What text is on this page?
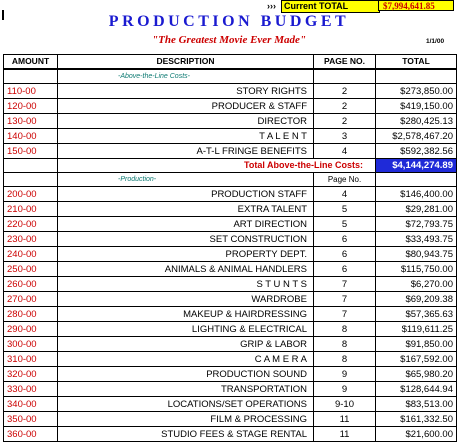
››› Current TOTAL	$7,994,641.85
PRODUCTION BUDGET
"The Greatest Movie Ever Made"	1/1/00
AMOUNT	DESCRIPTION	PAGE NO.	TOTAL
	-Above-the-Line Costs-		
110-00	STORY RIGHTS	2	$273,850.00
120-00	PRODUCER & STAFF	2	$419,150.00
130-00	DIRECTOR	2	$280,425.13
140-00	T A L E N T	3	$2,578,467.20
150-00	A-T-L FRINGE BENEFITS	4	$592,382.56
	Total Above-the-Line Costs:		$4,144,274.89
	-Production-	Page No.	
200-00	PRODUCTION STAFF	4	$146,400.00
210-00	EXTRA TALENT	5	$29,281.00
220-00	ART DIRECTION	5	$72,793.75
230-00	SET CONSTRUCTION	6	$33,493.75
240-00	PROPERTY DEPT.	6	$80,943.75
250-00	ANIMALS & ANIMAL HANDLERS	6	$115,750.00
260-00	S T U N T S	7	$6,270.00
270-00	WARDROBE	7	$69,209.38
280-00	MAKEUP & HAIRDRESSING	7	$57,365.63
290-00	LIGHTING & ELECTRICAL	8	$119,611.25
300-00	GRIP & LABOR	8	$91,850.00
310-00	C A M E R A	8	$167,592.00
320-00	PRODUCTION SOUND	9	$65,980.20
330-00	TRANSPORTATION	9	$128,644.94
340-00	LOCATIONS/SET OPERATIONS	9-10	$83,513.00
350-00	FILM & PROCESSING	11	$161,332.50
360-00	STUDIO FEES & STAGE RENTAL	11	$21,600.00
